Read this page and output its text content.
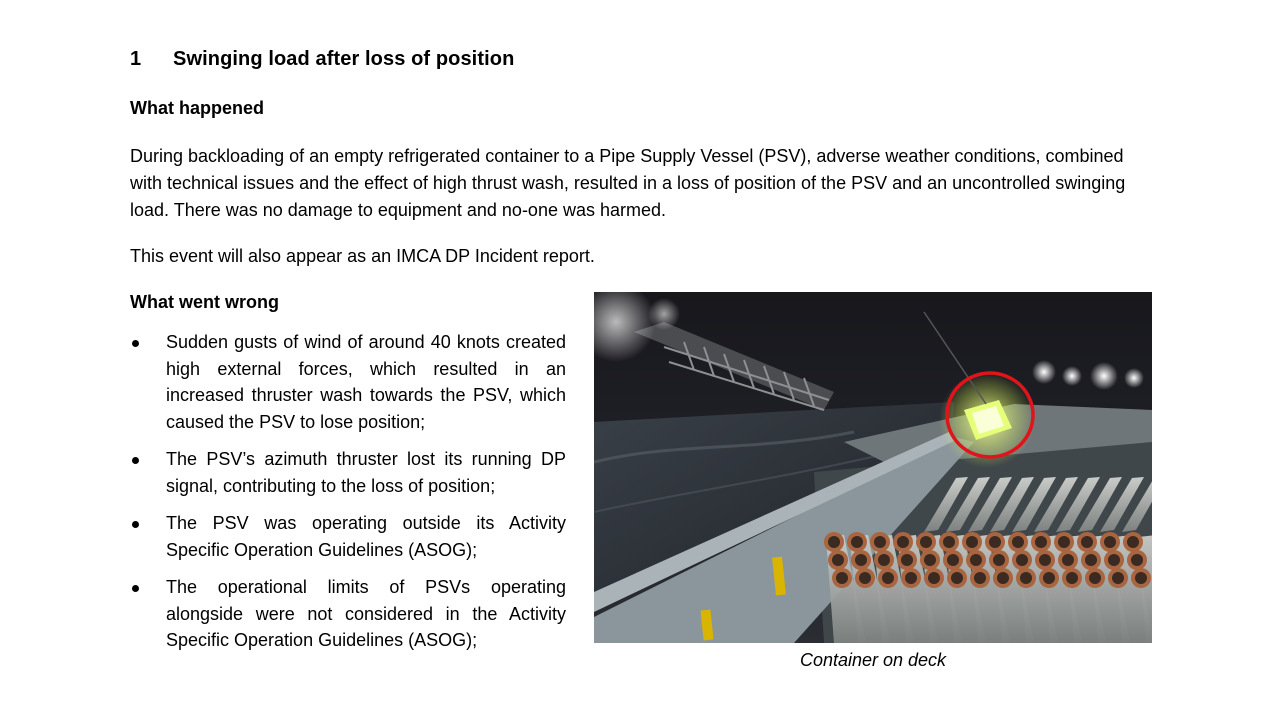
1 Swinging load after loss of position
What happened
During backloading of an empty refrigerated container to a Pipe Supply Vessel (PSV), adverse weather conditions, combined with technical issues and the effect of high thrust wash, resulted in a loss of position of the PSV and an uncontrolled swinging load. There was no damage to equipment and no-one was harmed.
This event will also appear as an IMCA DP Incident report.
What went wrong
Sudden gusts of wind of around 40 knots created high external forces, which resulted in an increased thruster wash towards the PSV, which caused the PSV to lose position;
The PSV’s azimuth thruster lost its running DP signal, contributing to the loss of position;
The PSV was operating outside its Activity Specific Operation Guidelines (ASOG);
The operational limits of PSVs operating alongside were not considered in the Activity Specific Operation Guidelines (ASOG);
Container on deck
